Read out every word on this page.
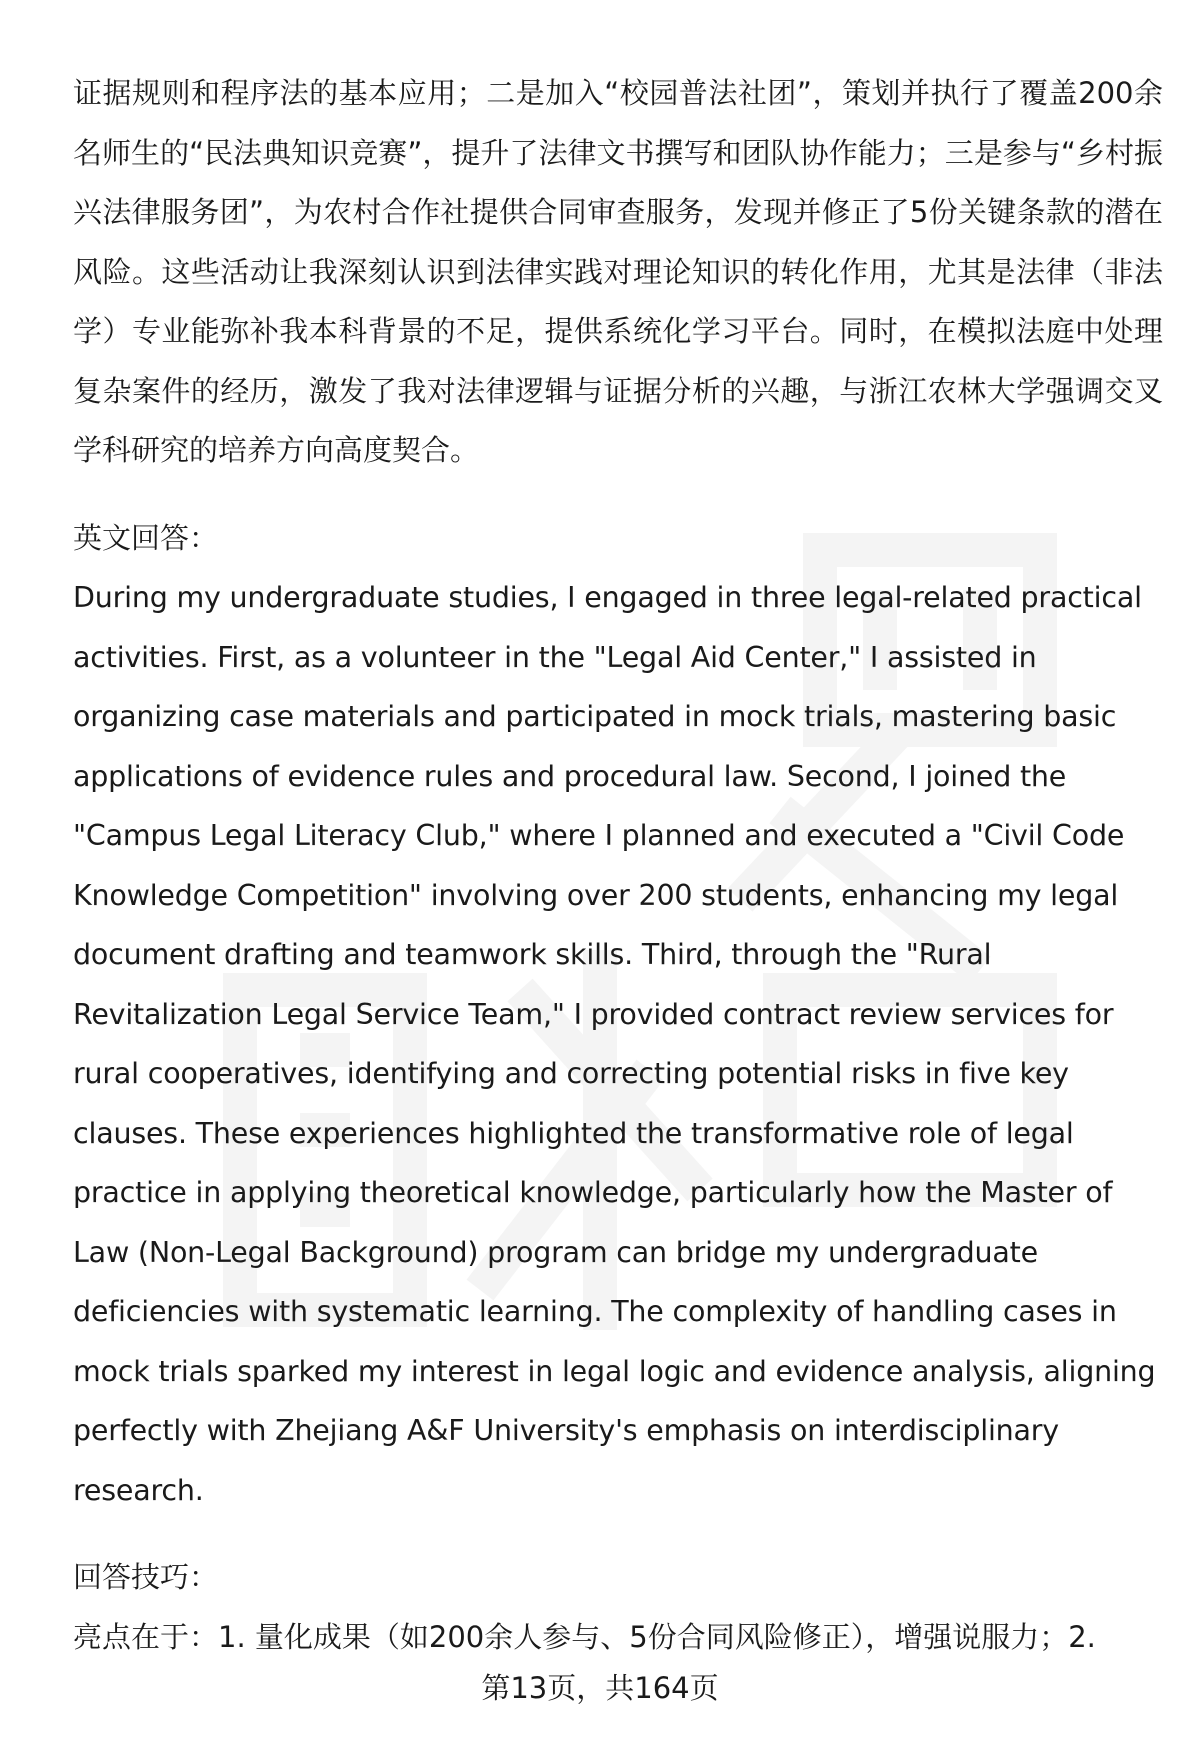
证据规则和程序法的基本应用；二是加入“校园普法社团”，策划并执行了覆盖200余名师生的“民法典知识竞赛”，提升了法律文书撰写和团队协作能力；三是参与“乡村振兴法律服务团”，为农村合作社提供合同审查服务，发现并修正了5份关键条款的潜在风险。这些活动让我深刻认识到法律实践对理论知识的转化作用，尤其是法律（非法学）专业能弥补我本科背景的不足，提供系统化学习平台。同时，在模拟法庭中处理复杂案件的经历，激发了我对法律逻辑与证据分析的兴趣，与浙江农林大学强调交叉学科研究的培养方向高度契合。

英文回答：

During my undergraduate studies, I engaged in three legal-related practical activities. First, as a volunteer in the "Legal Aid Center," I assisted in organizing case materials and participated in mock trials, mastering basic applications of evidence rules and procedural law. Second, I joined the "Campus Legal Literacy Club," where I planned and executed a "Civil Code Knowledge Competition" involving over 200 students, enhancing my legal document drafting and teamwork skills. Third, through the "Rural Revitalization Legal Service Team," I provided contract review services for rural cooperatives, identifying and correcting potential risks in five key clauses. These experiences highlighted the transformative role of legal practice in applying theoretical knowledge, particularly how the Master of Law (Non-Legal Background) program can bridge my undergraduate deficiencies with systematic learning. The complexity of handling cases in mock trials sparked my interest in legal logic and evidence analysis, aligning perfectly with Zhejiang A&F University's emphasis on interdisciplinary research.

回答技巧：

亮点在于：1. 量化成果（如200余人参与、5份合同风险修正），增强说服力；2.

第13页，共164页
